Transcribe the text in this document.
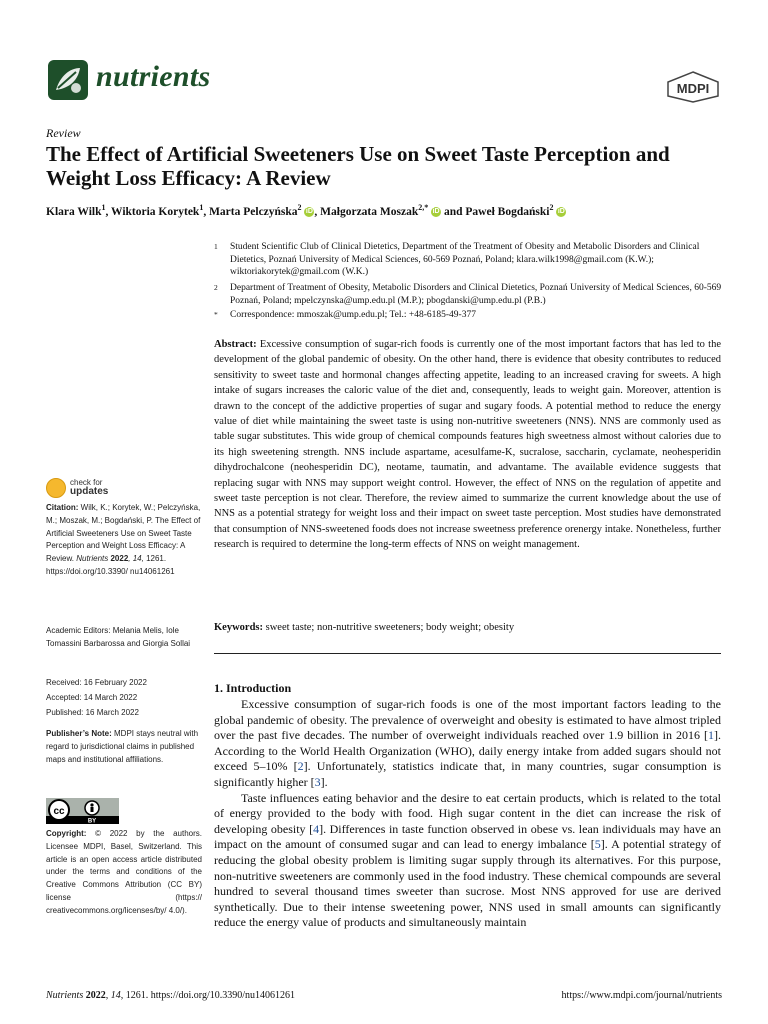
nutrients	MDPI
Review
The Effect of Artificial Sweeteners Use on Sweet Taste Perception and Weight Loss Efficacy: A Review
Klara Wilk$^1$, Wiktoria Korytek$^1$, Marta Pelczyńska$^2$ iD , Małgorzata Moszak$^{2,*}$ iD and Paweł Bogdański$^2$ iD
1 Student Scientific Club of Clinical Dietetics, Department of the Treatment of Obesity and Metabolic Disorders and Clinical Dietetics, Poznań University of Medical Sciences, 60-569 Poznań, Poland; klara.wilk1998@gmail.com (K.W.); wiktoriakorytek@gmail.com (W.K.)
2 Department of Treatment of Obesity, Metabolic Disorders and Clinical Dietetics, Poznań University of Medical Sciences, 60-569 Poznań, Poland; mpelczynska@ump.edu.pl (M.P.); pbogdanski@ump.edu.pl (P.B.)
* Correspondence: mmoszak@ump.edu.pl; Tel.: +48-6185-49-377
Abstract: Excessive consumption of sugar-rich foods is currently one of the most important factors that has led to the development of the global pandemic of obesity. On the other hand, there is evidence that obesity contributes to reduced sensitivity to sweet taste and hormonal changes affecting appetite, leading to an increased craving for sweets. A high intake of sugars increases the caloric value of the diet and, consequently, leads to weight gain. Moreover, attention is drawn to the concept of the addictive properties of sugar and sugary foods. A potential method to reduce the energy value of diet while maintaining the sweet taste is using non-nutritive sweeteners (NNS). NNS are commonly used as table sugar substitutes. This wide group of chemical compounds features high sweetness almost without calories due to its high sweetening strength. NNS include aspartame, acesulfame-K, sucralose, saccharin, cyclamate, neohesperidin dihydrochalcone (neohesperidin DC), neotame, taumatin, and advantame. The available evidence suggests that replacing sugar with NNS may support weight control. However, the effect of NNS on the regulation of appetite and sweet taste perception is not clear. Therefore, the review aimed to summarize the current knowledge about the use of NNS as a potential strategy for weight loss and their impact on sweet taste perception. Most studies have demonstrated that consumption of NNS-sweetened foods does not increase sweetness preference orenergy intake. Nonetheless, further research is required to determine the long-term effects of NNS on weight management.
Keywords: sweet taste; non-nutritive sweeteners; body weight; obesity
1. Introduction

Excessive consumption of sugar-rich foods is one of the most important factors leading to the global pandemic of obesity. The prevalence of overweight and obesity is estimated to have almost tripled over the past five decades. The number of overweight individuals reached over 1.9 billion in 2016 [1]. According to the World Health Organization (WHO), daily energy intake from added sugars should not exceed 5–10% [2]. Unfortunately, statistics indicate that, in many countries, sugar consumption is significantly higher [3].

Taste influences eating behavior and the desire to eat certain products, which is related to the total of energy provided to the body with food. High sugar content in the diet can increase the risk of developing obesity [4]. Differences in taste function observed in obese vs. lean individuals may have an impact on the amount of consumed sugar and can lead to energy imbalance [5]. A potential strategy of reducing the global obesity problem is limiting sugar supply through its alternatives. For this purpose, non-nutritive sweeteners are commonly used in the food industry. These chemical compounds are several hundred to several thousand times sweeter than sucrose. Most NNS approved for use are derived synthetically. Due to their intense sweetening power, NNS used in small amounts can significantly reduce the energy value of products and simultaneously maintain

check for
updates
Citation: Wilk, K.; Korytek, W.; Pelczyńska, M.; Moszak, M.; Bogdański, P. The Effect of Artificial Sweeteners Use on Sweet Taste Perception and Weight Loss Efficacy: A Review. Nutrients 2022, 14, 1261. https://doi.org/10.3390/ nu14061261
Academic Editors: Melania Melis, Iole Tomassini Barbarossa and Giorgia Sollai
Received: 16 February 2022
Accepted: 14 March 2022
Published: 16 March 2022
Publisher’s Note: MDPI stays neutral with regard to jurisdictional claims in published maps and institutional affiliations.
cc
BY
Copyright: © 2022 by the authors. Licensee MDPI, Basel, Switzerland. This article is an open access article distributed under the terms and conditions of the Creative Commons Attribution (CC BY) license (https:// creativecommons.org/licenses/by/ 4.0/).
Nutrients 2022, 14, 1261. https://doi.org/10.3390/nu14061261	https://www.mdpi.com/journal/nutrients
